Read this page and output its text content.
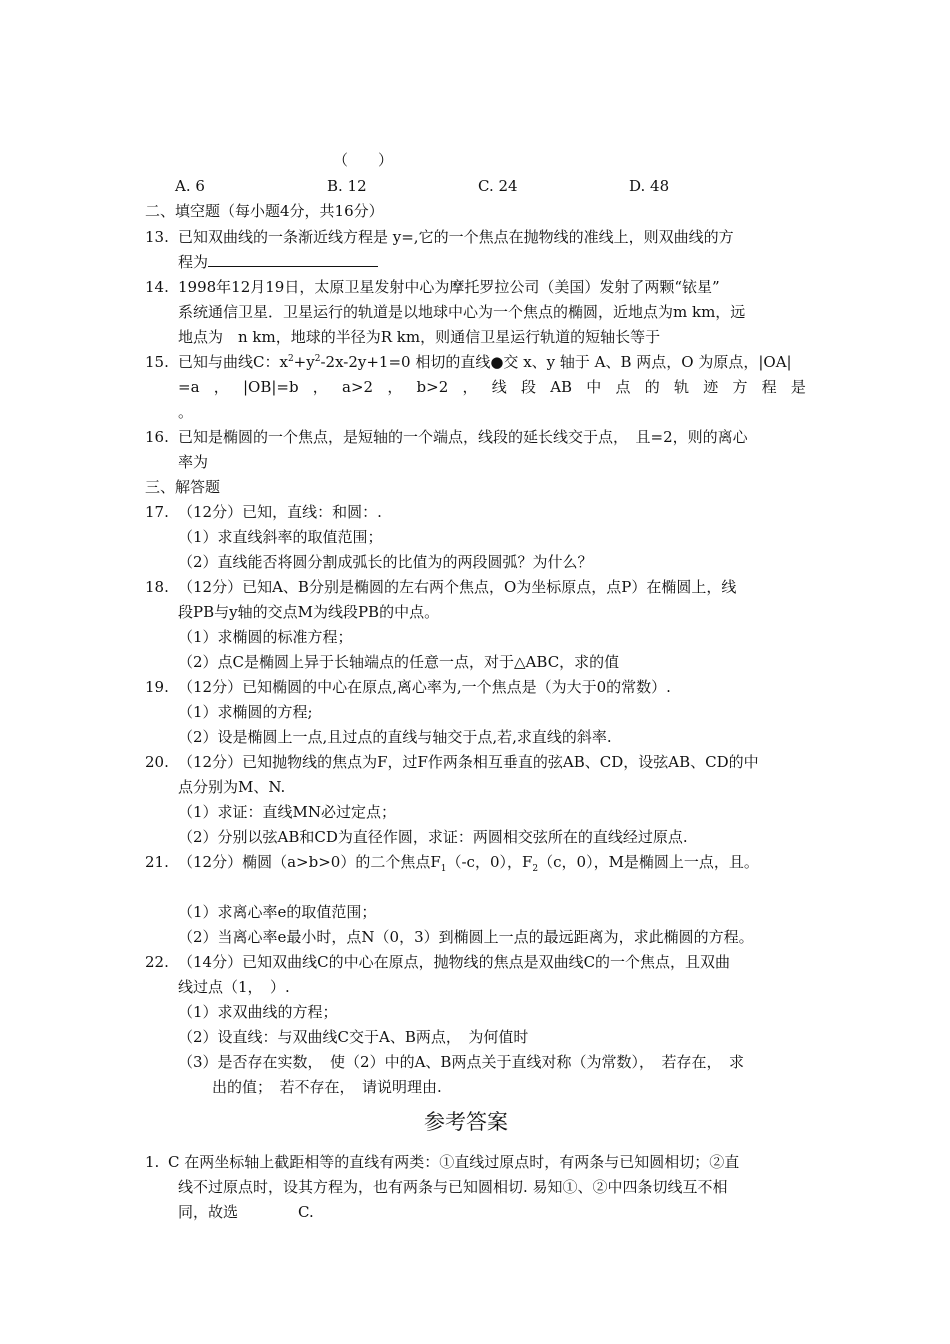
（　　）
A. 6	B. 12	C. 24	D. 48
二、填空题（每小题4分，共16分）
13. 已知双曲线的一条渐近线方程是 y=,它的一个焦点在抛物线的准线上，则双曲线的方
程为
14. 1998年12月19日，太原卫星发射中心为摩托罗拉公司（美国）发射了两颗“铱星”
系统通信卫星．卫星运行的轨道是以地球中心为一个焦点的椭圆，近地点为m km，远
地点为　n km，地球的半径为R km，则通信卫星运行轨道的短轴长等于
15. 已知与曲线C：$x^2+y^2-2x-2y+1=0$ 相切的直线●交 x、y 轴于 A、B 两点，O 为原点，|OA|
=a ， |OB|=b ， a>2 ， b>2 ， 线 段 AB 中 点 的 轨 迹 方 程 是
。
16. 已知是椭圆的一个焦点，是短轴的一个端点，线段的延长线交于点，　且=2，则的离心
率为
三、解答题
17. （12分）已知，直线：和圆：.
（1）求直线斜率的取值范围；
（2）直线能否将圆分割成弧长的比值为的两段圆弧？为什么？
18. （12分）已知A、B分别是椭圆的左右两个焦点，O为坐标原点，点P）在椭圆上，线
段PB与y轴的交点M为线段PB的中点。
（1）求椭圆的标准方程；
（2）点C是椭圆上异于长轴端点的任意一点，对于△ABC，求的值
19. （12分）已知椭圆的中心在原点,离心率为,一个焦点是（为大于0的常数）.
（1）求椭圆的方程;
（2）设是椭圆上一点,且过点的直线与轴交于点,若,求直线的斜率.
20. （12分）已知抛物线的焦点为F，过F作两条相互垂直的弦AB、CD，设弦AB、CD的中
点分别为M、N.
（1）求证：直线MN必过定点；
（2）分别以弦AB和CD为直径作圆，求证：两圆相交弦所在的直线经过原点.
21. （12分）椭圆（a>b>0）的二个焦点$F_1(-c$，0），$F_2(c$，0），M是椭圆上一点，且。
（1）求离心率e的取值范围；
（2）当离心率e最小时，点N（0，3）到椭圆上一点的最远距离为，求此椭圆的方程。
22. （14分）已知双曲线C的中心在原点，抛物线的焦点是双曲线C的一个焦点，且双曲
线过点（1，　）.
（1）求双曲线的方程；
（2）设直线：与双曲线C交于A、B两点，　为何值时
（3）是否存在实数，　使（2）中的A、B两点关于直线对称（为常数），　若存在，　求
出的值；　若不存在，　请说明理由.
参考答案
1. C 在两坐标轴上截距相等的直线有两类：①直线过原点时，有两条与已知圆相切；②直
线不过原点时，设其方程为，也有两条与已知圆相切. 易知①、②中四条切线互不相
同，故选　　　　C.
